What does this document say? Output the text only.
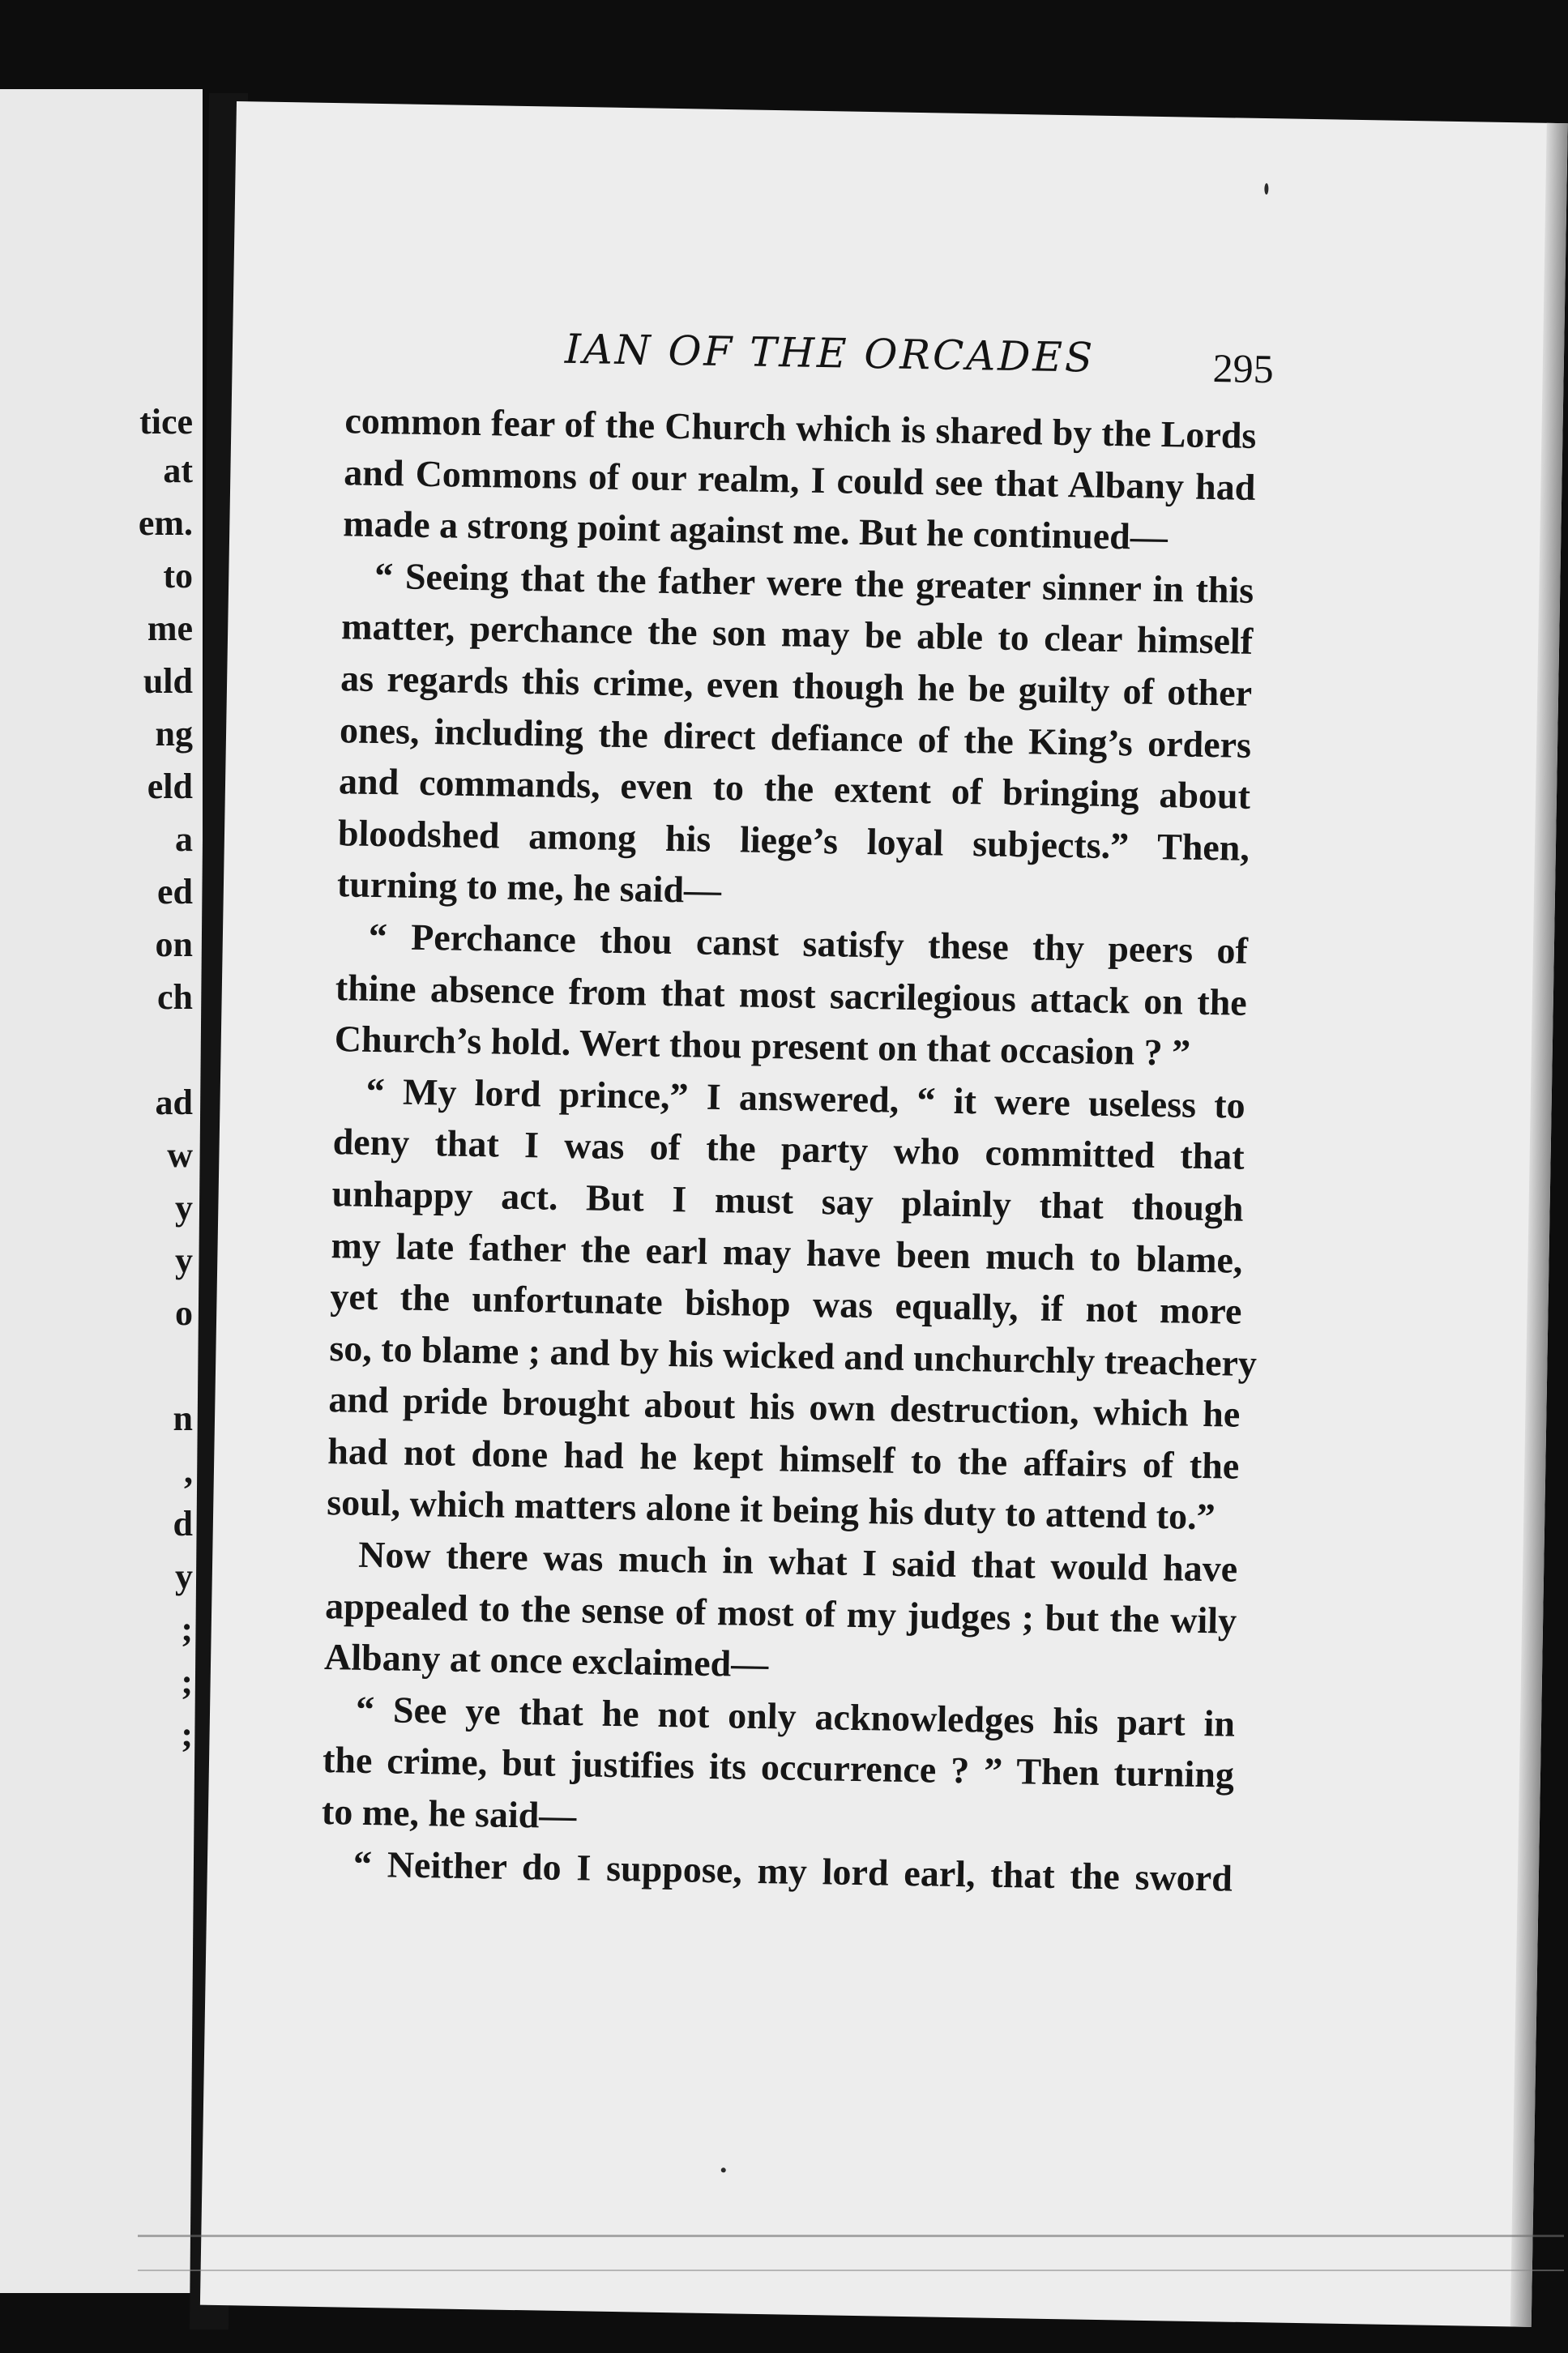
tice
at
em.
to
me
uld
ng
eld
a
ed
on
ch
ad
w
y
y
o
n
,
d
y
;
;
;
IAN OF THE ORCADES	295
common fear of the Church which is shared by the Lords
and Commons of our realm, I could see that Albany had
made a strong point against me. But he continued—
“ Seeing that the father were the greater sinner in this
matter, perchance the son may be able to clear himself
as regards this crime, even though he be guilty of other
ones, including the direct defiance of the King’s orders
and commands, even to the extent of bringing about
bloodshed among his liege’s loyal subjects.” Then,
turning to me, he said—
“ Perchance thou canst satisfy these thy peers of
thine absence from that most sacrilegious attack on the
Church’s hold. Wert thou present on that occasion ? ”
“ My lord prince,” I answered, “ it were useless to
deny that I was of the party who committed that
unhappy act. But I must say plainly that though
my late father the earl may have been much to blame,
yet the unfortunate bishop was equally, if not more
so, to blame ; and by his wicked and unchurchly treachery
and pride brought about his own destruction, which he
had not done had he kept himself to the affairs of the
soul, which matters alone it being his duty to attend to.”
Now there was much in what I said that would have
appealed to the sense of most of my judges ; but the wily
Albany at once exclaimed—
“ See ye that he not only acknowledges his part in
the crime, but justifies its occurrence ? ” Then turning
to me, he said—
“ Neither do I suppose, my lord earl, that the sword
